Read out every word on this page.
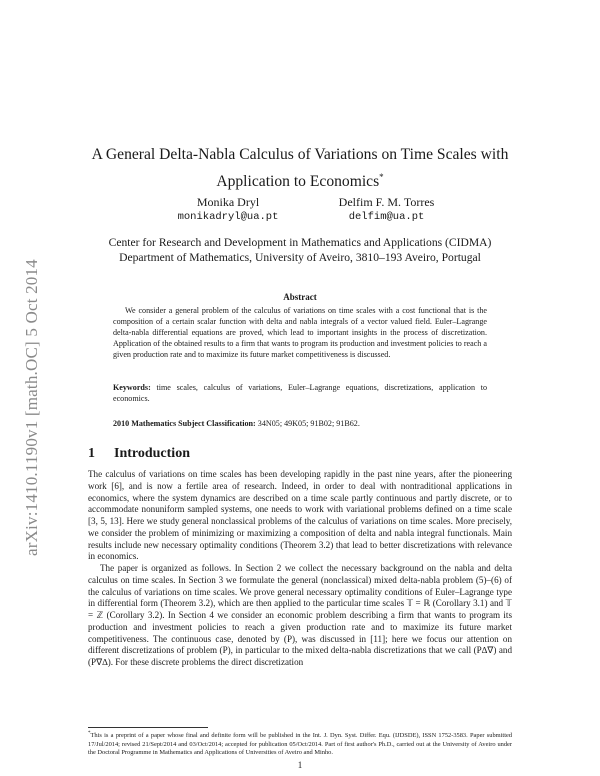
arXiv:1410.1190v1 [math.OC] 5 Oct 2014
A General Delta-Nabla Calculus of Variations on Time Scales with Application to Economics*
Monika Dryl
monikadryl@ua.pt
Delfim F. M. Torres
delfim@ua.pt
Center for Research and Development in Mathematics and Applications (CIDMA)
Department of Mathematics, University of Aveiro, 3810–193 Aveiro, Portugal
Abstract
We consider a general problem of the calculus of variations on time scales with a cost functional that is the composition of a certain scalar function with delta and nabla integrals of a vector valued field. Euler–Lagrange delta-nabla differential equations are proved, which lead to important insights in the process of discretization. Application of the obtained results to a firm that wants to program its production and investment policies to reach a given production rate and to maximize its future market competitiveness is discussed.
Keywords: time scales, calculus of variations, Euler–Lagrange equations, discretizations, application to economics.
2010 Mathematics Subject Classification: 34N05; 49K05; 91B02; 91B62.
1 Introduction

The calculus of variations on time scales has been developing rapidly in the past nine years, after the pioneering work [6], and is now a fertile area of research. Indeed, in order to deal with nontraditional applications in economics, where the system dynamics are described on a time scale partly continuous and partly discrete, or to accommodate nonuniform sampled systems, one needs to work with variational problems defined on a time scale [3, 5, 13]. Here we study general nonclassical problems of the calculus of variations on time scales. More precisely, we consider the problem of minimizing or maximizing a composition of delta and nabla integral functionals. Main results include new necessary optimality conditions (Theorem 3.2) that lead to better discretizations with relevance in economics.

The paper is organized as follows. In Section 2 we collect the necessary background on the nabla and delta calculus on time scales. In Section 3 we formulate the general (nonclassical) mixed delta-nabla problem (5)–(6) of the calculus of variations on time scales. We prove general necessary optimality conditions of Euler–Lagrange type in differential form (Theorem 3.2), which are then applied to the particular time scales 𝕋 = ℝ (Corollary 3.1) and 𝕋 = ℤ (Corollary 3.2). In Section 4 we consider an economic problem describing a firm that wants to program its production and investment policies to reach a given production rate and to maximize its future market competitiveness. The continuous case, denoted by (P), was discussed in [11]; here we focus our attention on different discretizations of problem (P), in particular to the mixed delta-nabla discretizations that we call (P∆∇) and (P∇∆). For these discrete problems the direct discretization

*This is a preprint of a paper whose final and definite form will be published in the Int. J. Dyn. Syst. Differ. Equ. (IJDSDE), ISSN 1752-3583. Paper submitted 17/Jul/2014; revised 21/Sept/2014 and 03/Oct/2014; accepted for publication 05/Oct/2014. Part of first author's Ph.D., carried out at the University of Aveiro under the Doctoral Programme in Mathematics and Applications of Universities of Aveiro and Minho.
1
